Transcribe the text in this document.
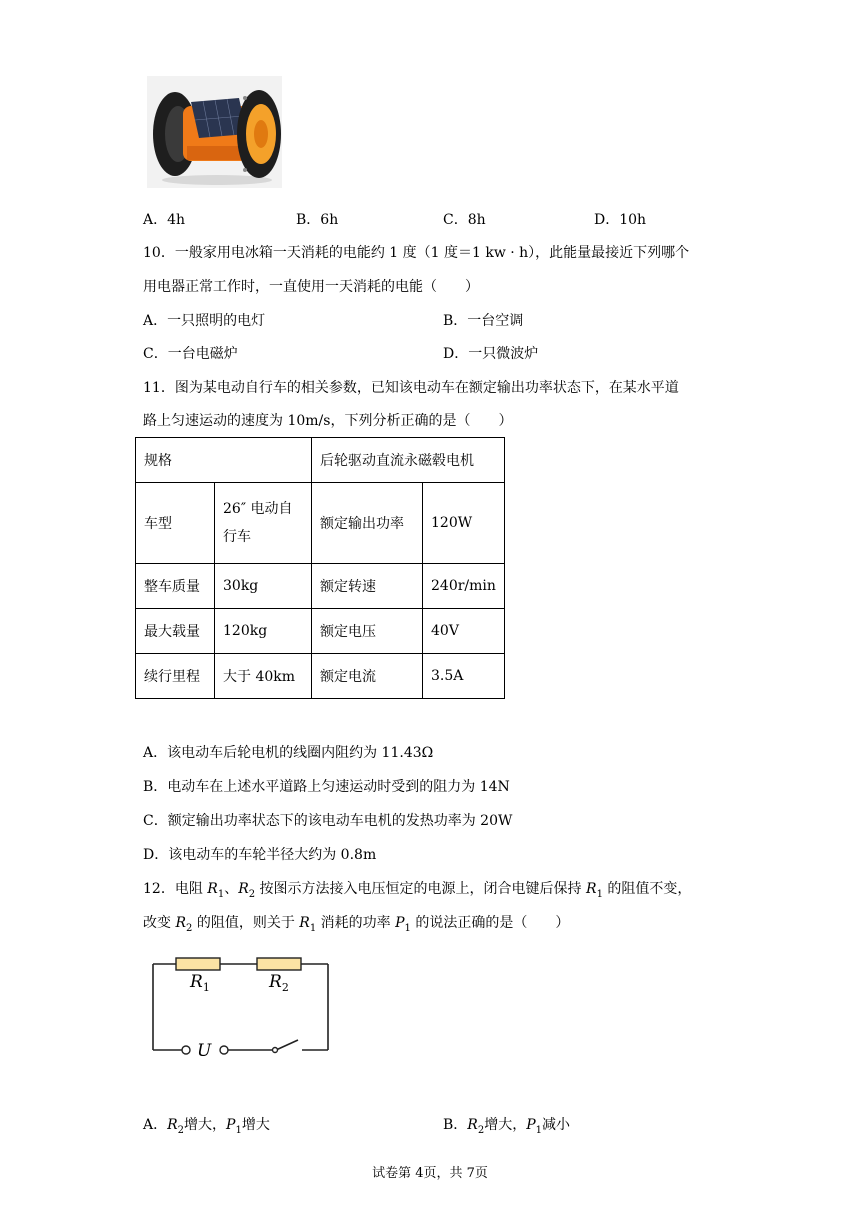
A．4h	B．6h	C．8h	D．10h
10．一般家用电冰箱一天消耗的电能约 1 度（1 度＝1 kw · h），此能量最接近下列哪个
用电器正常工作时，一直使用一天消耗的电能（　　）
A．一只照明的电灯	B．一台空调
C．一台电磁炉	D．一只微波炉
11．图为某电动自行车的相关参数，已知该电动车在额定输出功率状态下，在某水平道
路上匀速运动的速度为 10m/s，下列分析正确的是（　　）
规格		后轮驱动直流永磁毂电机	
车型	26″ 电动自行车	额定输出功率	120W
整车质量	30kg	额定转速	240r/min
最大载量	120kg	额定电压	40V
续行里程	大于 40km	额定电流	3.5A
A．该电动车后轮电机的线圈内阻约为 11.43Ω
B．电动车在上述水平道路上匀速运动时受到的阻力为 14N
C．额定输出功率状态下的该电动车电机的发热功率为 20W
D．该电动车的车轮半径大约为 0.8m
12．电阻 $R_1$、$R_2$ 按图示方法接入电压恒定的电源上，闭合电键后保持 $R_1$ 的阻值不变，
改变 $R_2$ 的阻值，则关于 $R_1$ 消耗的功率 $P_1$ 的说法正确的是（　　）
$R_1$	$R_2$
U
A．$R_2$增大，$P_1$增大	B．$R_2$增大，$P_1$减小
试卷第 4页，共 7页
